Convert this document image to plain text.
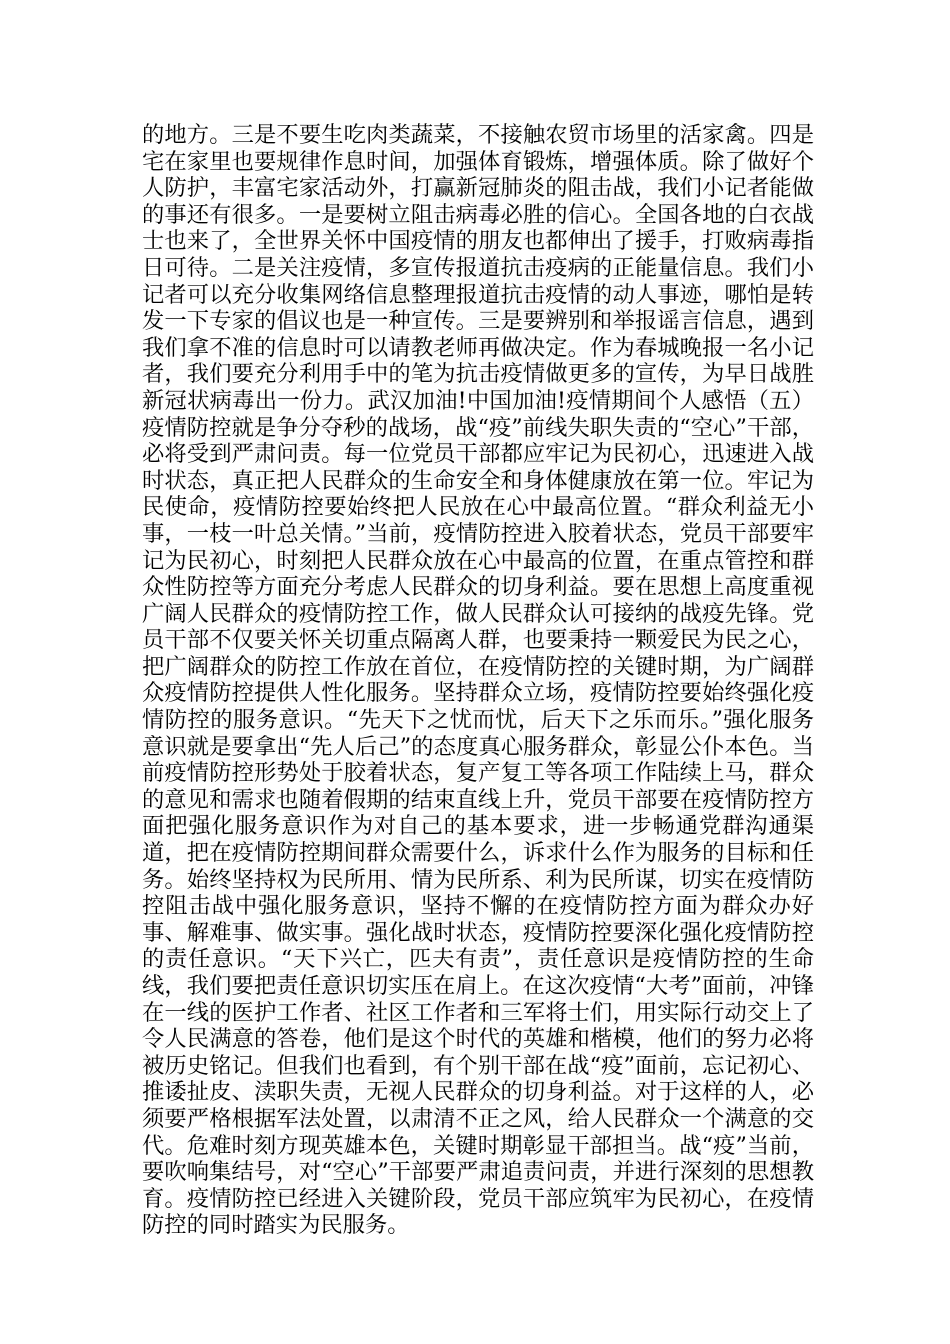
的地方。三是不要生吃肉类蔬菜，不接触农贸市场里的活家禽。四是宅在家里也要规律作息时间，加强体育锻炼，增强体质。除了做好个人防护，丰富宅家活动外，打赢新冠肺炎的阻击战，我们小记者能做的事还有很多。一是要树立阻击病毒必胜的信心。全国各地的白衣战士也来了，全世界关怀中国疫情的朋友也都伸出了援手，打败病毒指日可待。二是关注疫情，多宣传报道抗击疫病的正能量信息。我们小记者可以充分收集网络信息整理报道抗击疫情的动人事迹，哪怕是转发一下专家的倡议也是一种宣传。三是要辨别和举报谣言信息，遇到我们拿不准的信息时可以请教老师再做决定。作为春城晚报一名小记者，我们要充分利用手中的笔为抗击疫情做更多的宣传，为早日战胜新冠状病毒出一份力。武汉加油!中国加油!疫情期间个人感悟（五）疫情防控就是争分夺秒的战场，战“疫”前线失职失责的“空心”干部，必将受到严肃问责。每一位党员干部都应牢记为民初心，迅速进入战时状态，真正把人民群众的生命安全和身体健康放在第一位。牢记为民使命，疫情防控要始终把人民放在心中最高位置。“群众利益无小事，一枝一叶总关情。”当前，疫情防控进入胶着状态，党员干部要牢记为民初心，时刻把人民群众放在心中最高的位置，在重点管控和群众性防控等方面充分考虑人民群众的切身利益。要在思想上高度重视广阔人民群众的疫情防控工作，做人民群众认可接纳的战疫先锋。党员干部不仅要关怀关切重点隔离人群，也要秉持一颗爱民为民之心，把广阔群众的防控工作放在首位，在疫情防控的关键时期，为广阔群众疫情防控提供人性化服务。坚持群众立场，疫情防控要始终强化疫情防控的服务意识。“先天下之忧而忧，后天下之乐而乐。”强化服务意识就是要拿出“先人后己”的态度真心服务群众，彰显公仆本色。当前疫情防控形势处于胶着状态，复产复工等各项工作陆续上马，群众的意见和需求也随着假期的结束直线上升，党员干部要在疫情防控方面把强化服务意识作为对自己的基本要求，进一步畅通党群沟通渠道，把在疫情防控期间群众需要什么，诉求什么作为服务的目标和任务。始终坚持权为民所用、情为民所系、利为民所谋，切实在疫情防控阻击战中强化服务意识，坚持不懈的在疫情防控方面为群众办好事、解难事、做实事。强化战时状态，疫情防控要深化强化疫情防控的责任意识。“天下兴亡，匹夫有责”，责任意识是疫情防控的生命线，我们要把责任意识切实压在肩上。在这次疫情“大考”面前，冲锋在一线的医护工作者、社区工作者和三军将士们，用实际行动交上了令人民满意的答卷，他们是这个时代的英雄和楷模，他们的努力必将被历史铭记。但我们也看到，有个别干部在战“疫”面前，忘记初心、推诿扯皮、渎职失责，无视人民群众的切身利益。对于这样的人，必须要严格根据军法处置，以肃清不正之风，给人民群众一个满意的交代。危难时刻方现英雄本色，关键时期彰显干部担当。战“疫”当前，要吹响集结号，对“空心”干部要严肃追责问责，并进行深刻的思想教育。疫情防控已经进入关键阶段，党员干部应筑牢为民初心，在疫情防控的同时踏实为民服务。
